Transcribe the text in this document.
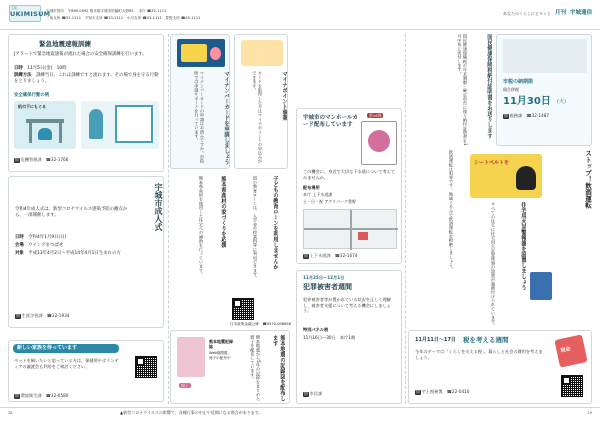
広報
UKIMISUM
宇城市役所　〒869-0592 熊本県宇城市松橋町大野85　 本庁 ☎32-1111
三角支所 ☎52-1111　不知火支所 ☎33-1111　小川支所 ☎43-1111　豊野支所 ☎45-1111
あなたのくらしにピタッと 月刊 宇城通信
緊急地震速報訓練
Jアラートで緊急地震速報が流れた場合の安全確保訓練を行います。
日時　 11月5日(金)　10時
訓練方法　 訓練当日、これは訓練ですと流れます。その場で身を守る行動をとりましょう。
安全確保行動の例
机の下にもぐる
問 危機管理課　☎32-1766
宇城市成人式
令和4年成人式は、新型コロナウイルス感染予防の観点から、一部開催します。
日時　 令和4年1月9日(日)
会場　 ウイングまつばせ
対象　 平成13年4月2日〜平成14年4月1日生まれの方
問 生涯学習課　☎32-1934
新しい家族を待っています
ペットを飼いたいと思っている方は、保健所やボランティアの譲渡会も利用をご検討ください。
問 環境衛生課　☎32-0580
マイナンバーカードを申請しましょう
マイナンバーカードの申請はお済みですか。市役所では申請サポートを行っています。	マイナポイント事業
カードを取得した方はマイナポイントの申込みができます。
熊本県産材を使用した住宅への補助を行っています。	熊本県産材の家づくりを応援	国の教育ローンは、入学金や授業料等に利用できます。	子どもの教育ローンを利用しませんか
日本政策金融公庫　☎0570-008656
熊本地震の記録誌を配布します
熊本地震から5年の記録をまとめた冊子を配布しています。
熊本地震記録誌
Web版閲覧、冊子の配布中
冊子
宇城市のマンホールカード配布しています
第16弾
この機会に、身近で大切な下水道について考えてみませんか。
配布場所
本庁 上下水道課
土・日・祝 アグリパーク豊野
問 上下水道課　☎32-1674
11月25日〜12月1日
犯罪被害者週間
犯罪被害者等が置かれている状況を正しく理解し、被害者支援について考える機会にしましょう。
特別パネル展
11月16日〜30日　本庁1階
問 市民課
国民健康保険税の年末調整・確定申告に使う納付証明書を1月中旬に送付します。	国民健康保険税納付証明書をお送りします 市税の納期限
個合併税
11月30日 (火)
問 税務課　☎32-1487
飲酒運転は犯罪です。地域ぐるみで飲酒運転を根絶しましょう。	ストップ！飲酒運転
シートベルトを
すべての住宅に住宅用火災警報器の設置が義務付けられています。	住宅用火災警報器を設置しましょう
11月11日〜17日 税を考える週間
今年のテーマは「くらしを支える税」。暮らしと社会の費用を考えましょう。
問 宇土税務署　☎22-0410
税金
▲新型コロナウイルスの影響で、各種行事の中止や延期になる場合があります。
28	29
